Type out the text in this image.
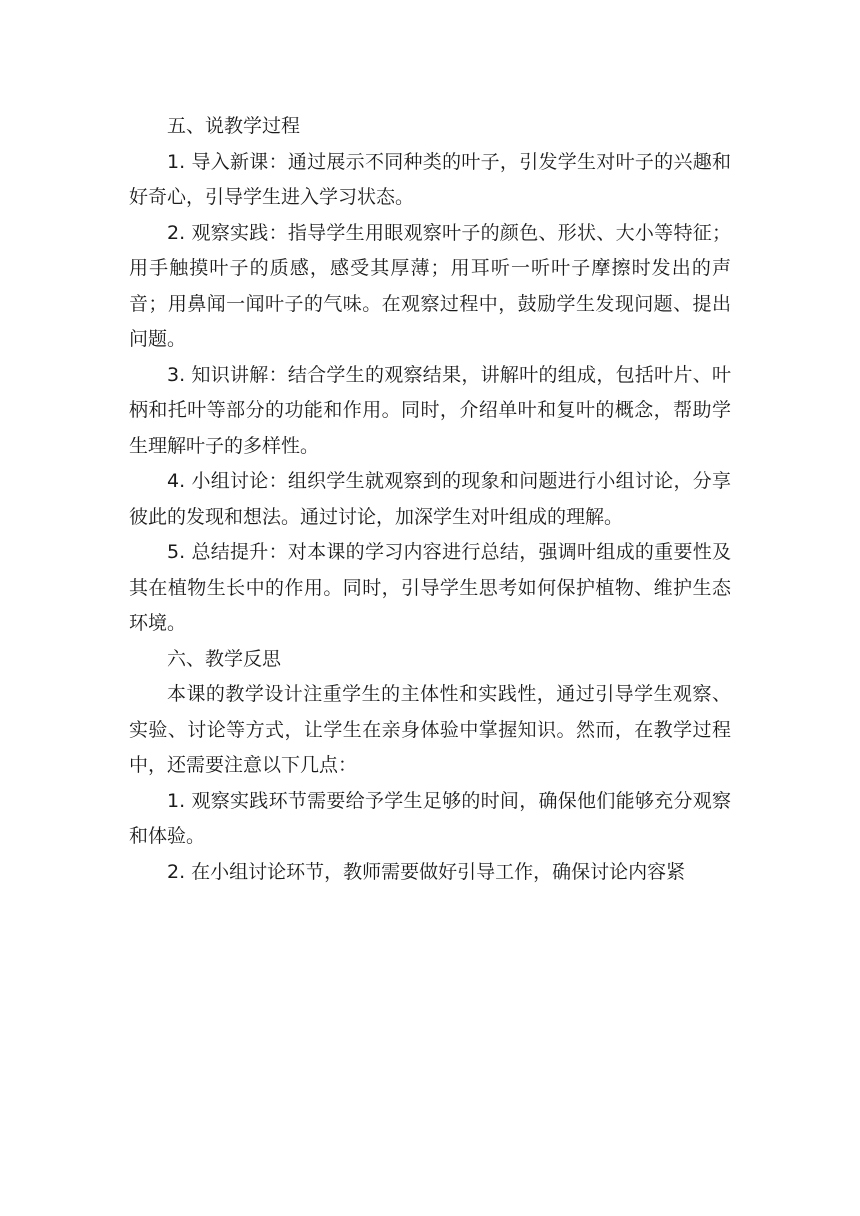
五、说教学过程

1. 导入新课：通过展示不同种类的叶子，引发学生对叶子的兴趣和好奇心，引导学生进入学习状态。

2. 观察实践：指导学生用眼观察叶子的颜色、形状、大小等特征；用手触摸叶子的质感，感受其厚薄；用耳听一听叶子摩擦时发出的声音；用鼻闻一闻叶子的气味。在观察过程中，鼓励学生发现问题、提出问题。

3. 知识讲解：结合学生的观察结果，讲解叶的组成，包括叶片、叶柄和托叶等部分的功能和作用。同时，介绍单叶和复叶的概念，帮助学生理解叶子的多样性。

4. 小组讨论：组织学生就观察到的现象和问题进行小组讨论，分享彼此的发现和想法。通过讨论，加深学生对叶组成的理解。

5. 总结提升：对本课的学习内容进行总结，强调叶组成的重要性及其在植物生长中的作用。同时，引导学生思考如何保护植物、维护生态环境。

六、教学反思

本课的教学设计注重学生的主体性和实践性，通过引导学生观察、实验、讨论等方式，让学生在亲身体验中掌握知识。然而，在教学过程中，还需要注意以下几点：

1. 观察实践环节需要给予学生足够的时间，确保他们能够充分观察和体验。

2. 在小组讨论环节，教师需要做好引导工作，确保讨论内容紧
